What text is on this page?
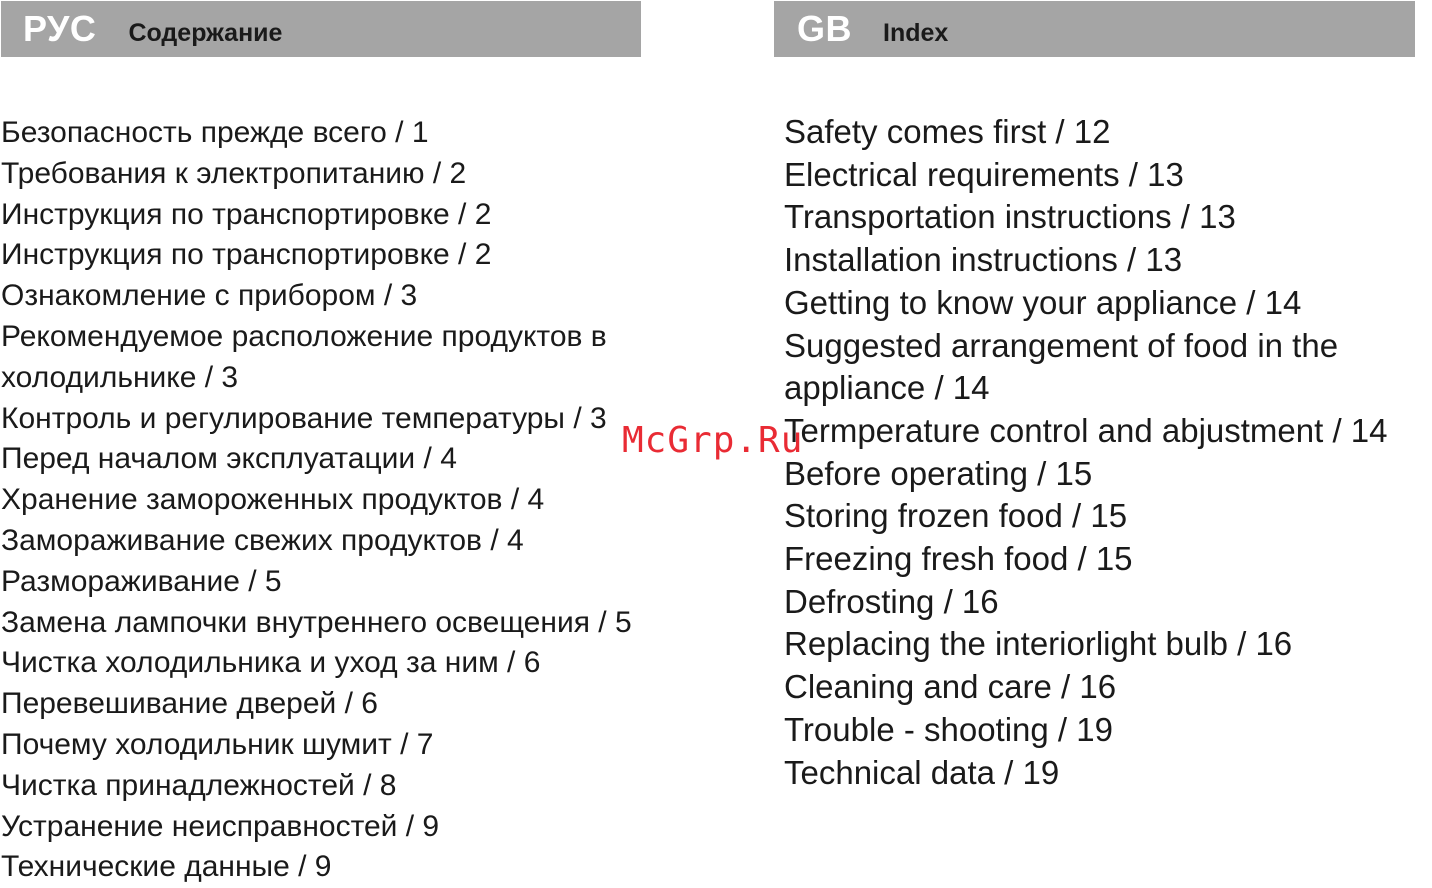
РУС Содержание	GB Index
Безопасность прежде всего / 1
Требования к электропитанию / 2
Инструкция по транспортировке / 2
Инструкция по транспортировке / 2
Ознакомление с прибором / 3
Рекомендуемое расположение продуктов в
холодильнике / 3
Контроль и регулирование температуры / 3
Перед началом эксплуатации / 4
Хранение замороженных продуктов / 4
Замораживание свежих продуктов / 4
Размораживание / 5
Замена лампочки внутреннего освещения / 5
Чистка холодильника и уход за ним / 6
Перевешивание дверей / 6
Почему холодильник шумит / 7
Чистка принадлежностей / 8
Устранение неисправностей / 9
Технические данные / 9
Safety comes first / 12
Electrical requirements / 13
Transportation instructions / 13
Installation instructions / 13
Getting to know your appliance / 14
Suggested arrangement of food in the
appliance / 14
Termperature control and abjustment / 14
Before operating / 15
Storing frozen food / 15
Freezing fresh food / 15
Defrosting / 16
Replacing the interiorlight bulb / 16
Cleaning and care / 16
Trouble - shooting / 19
Technical data / 19
McGrp.Ru
